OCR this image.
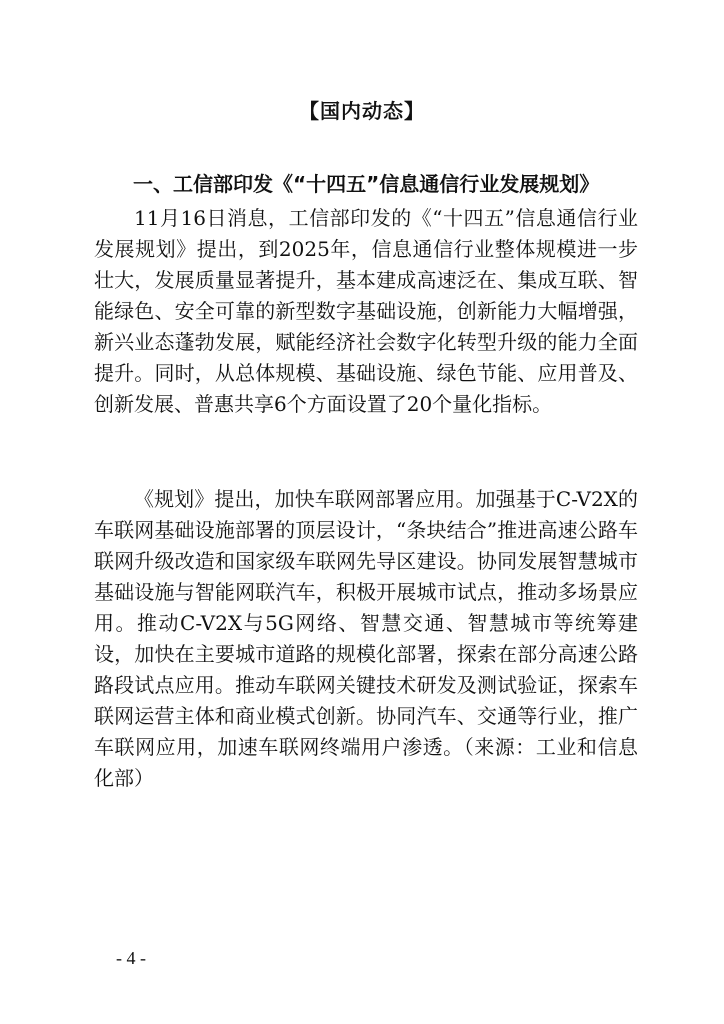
【国内动态】
一、工信部印发《“十四五”信息通信行业发展规划》

11月16日消息，工信部印发的《“十四五”信息通信行业发展规划》提出，到2025年，信息通信行业整体规模进一步壮大，发展质量显著提升，基本建成高速泛在、集成互联、智能绿色、安全可靠的新型数字基础设施，创新能力大幅增强，新兴业态蓬勃发展，赋能经济社会数字化转型升级的能力全面提升。同时，从总体规模、基础设施、绿色节能、应用普及、创新发展、普惠共享6个方面设置了20个量化指标。

《规划》提出，加快车联网部署应用。加强基于C-V2X的车联网基础设施部署的顶层设计，“条块结合”推进高速公路车联网升级改造和国家级车联网先导区建设。协同发展智慧城市基础设施与智能网联汽车，积极开展城市试点，推动多场景应用。推动C-V2X与5G网络、智慧交通、智慧城市等统筹建设，加快在主要城市道路的规模化部署，探索在部分高速公路路段试点应用。推动车联网关键技术研发及测试验证，探索车联网运营主体和商业模式创新。协同汽车、交通等行业，推广车联网应用，加速车联网终端用户渗透。（来源：工业和信息化部）

- 4 -
